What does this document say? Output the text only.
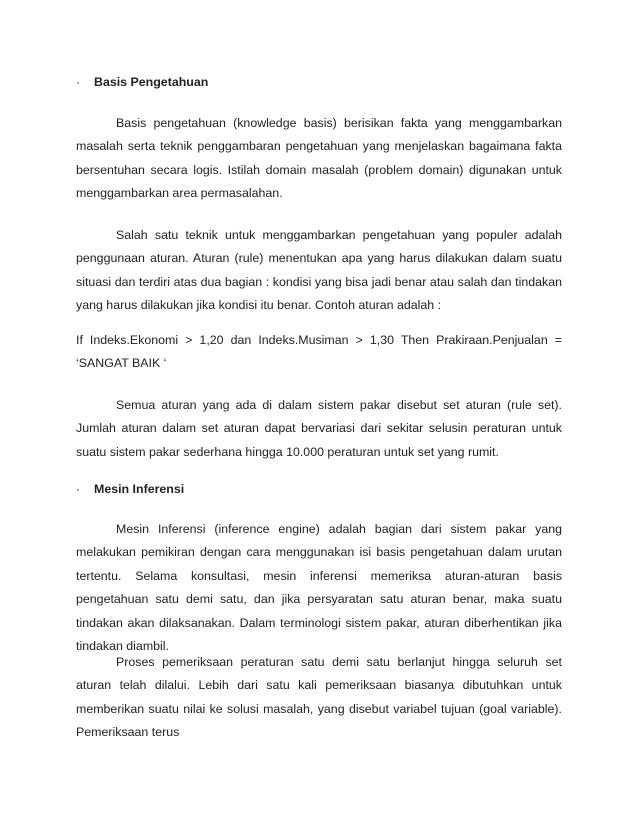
· Basis Pengetahuan

Basis pengetahuan (knowledge basis) berisikan fakta yang menggambarkan masalah serta teknik penggambaran pengetahuan yang menjelaskan bagaimana fakta bersentuhan secara logis. Istilah domain masalah (problem domain) digunakan untuk menggambarkan area permasalahan.

Salah satu teknik untuk menggambarkan pengetahuan yang populer adalah penggunaan aturan. Aturan (rule) menentukan apa yang harus dilakukan dalam suatu situasi dan terdiri atas dua bagian : kondisi yang bisa jadi benar atau salah dan tindakan yang harus dilakukan jika kondisi itu benar. Contoh aturan adalah :

If Indeks.Ekonomi > 1,20 dan Indeks.Musiman > 1,30 Then Prakiraan.Penjualan = ‘SANGAT BAIK ‘

Semua aturan yang ada di dalam sistem pakar disebut set aturan (rule set). Jumlah aturan dalam set aturan dapat bervariasi dari sekitar selusin peraturan untuk suatu sistem pakar sederhana hingga 10.000 peraturan untuk set yang rumit.

· Mesin Inferensi

Mesin Inferensi (inference engine) adalah bagian dari sistem pakar yang melakukan pemikiran dengan cara menggunakan isi basis pengetahuan dalam urutan tertentu. Selama konsultasi, mesin inferensi memeriksa aturan-aturan basis pengetahuan satu demi satu, dan jika persyaratan satu aturan benar, maka suatu tindakan akan dilaksanakan. Dalam terminologi sistem pakar, aturan diberhentikan jika tindakan diambil.

Proses pemeriksaan peraturan satu demi satu berlanjut hingga seluruh set aturan telah dilalui. Lebih dari satu kali pemeriksaan biasanya dibutuhkan untuk memberikan suatu nilai ke solusi masalah, yang disebut variabel tujuan (goal variable). Pemeriksaan terus
